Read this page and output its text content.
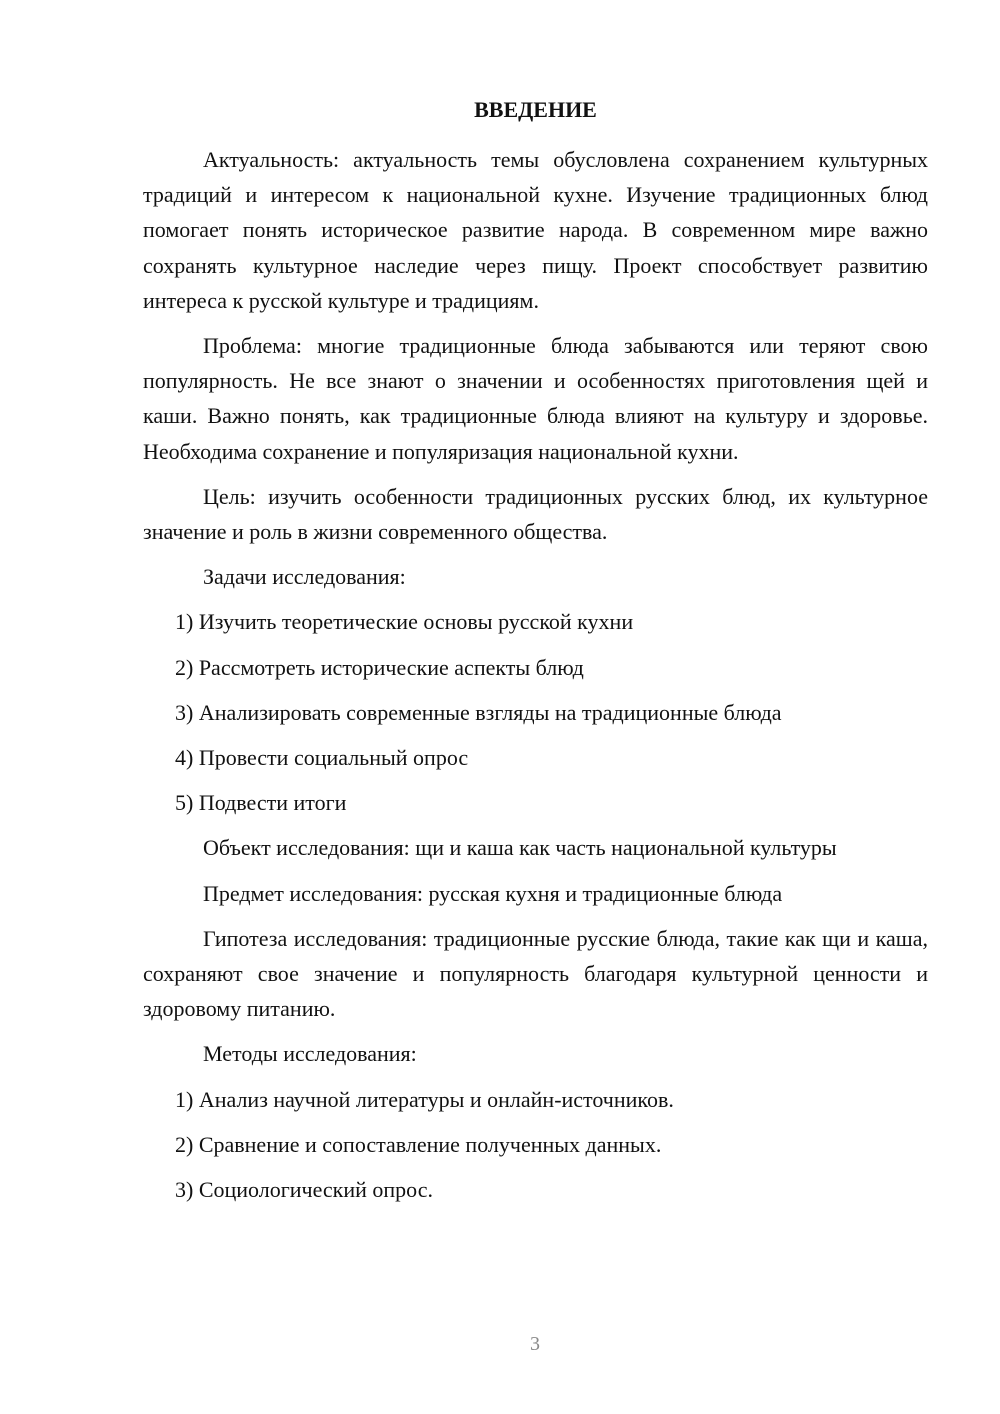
ВВЕДЕНИЕ

Актуальность: актуальность темы обусловлена сохранением культурных традиций и интересом к национальной кухне. Изучение традиционных блюд помогает понять историческое развитие народа. В современном мире важно сохранять культурное наследие через пищу. Проект способствует развитию интереса к русской культуре и традициям.

Проблема: многие традиционные блюда забываются или теряют свою популярность. Не все знают о значении и особенностях приготовления щей и каши. Важно понять, как традиционные блюда влияют на культуру и здоровье. Необходима сохранение и популяризация национальной кухни.

Цель: изучить особенности традиционных русских блюд, их культурное значение и роль в жизни современного общества.

Задачи исследования:
1) Изучить теоретические основы русской кухни
2) Рассмотреть исторические аспекты блюд
3) Анализировать современные взгляды на традиционные блюда
4) Провести социальный опрос
5) Подвести итоги
Объект исследования: щи и каша как часть национальной культуры
Предмет исследования: русская кухня и традиционные блюда

Гипотеза исследования: традиционные русские блюда, такие как щи и каша, сохраняют свое значение и популярность благодаря культурной ценности и здоровому питанию.

Методы исследования:
1) Анализ научной литературы и онлайн-источников.
2) Сравнение и сопоставление полученных данных.
3) Социологический опрос.
3
